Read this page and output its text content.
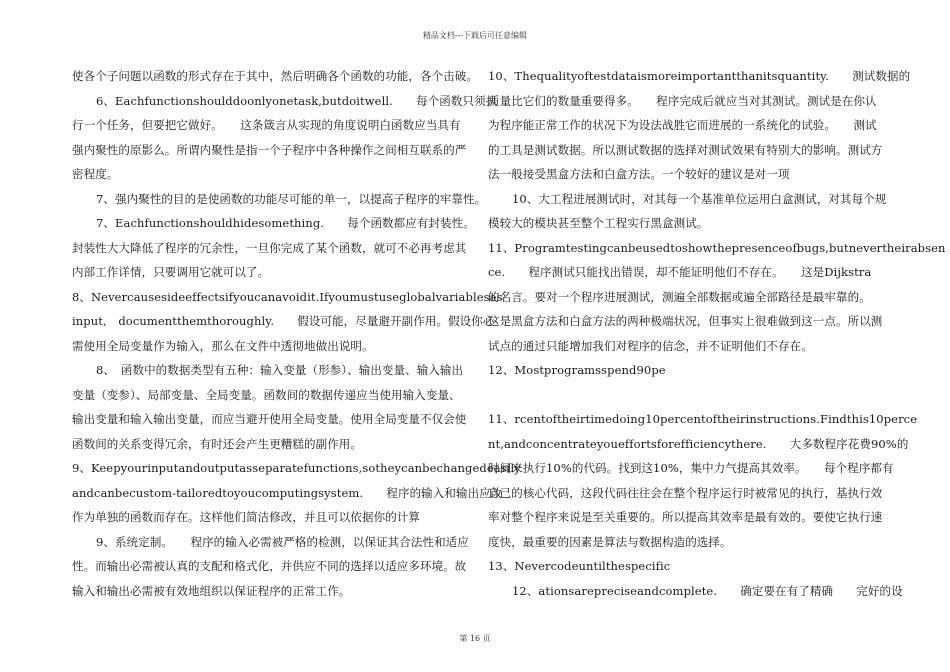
精品文档---下载后可任意编辑
使各个子问题以函数的形式存在于其中，然后明确各个函数的功能，各个击破。
6、Eachfunctionshoulddoonlyonetask,butdoitwell.　　每个函数只须执
行一个任务，但要把它做好。　　这条箴言从实现的角度说明白函数应当具有
强内聚性的原影么。所谓内聚性是指一个子程序中各种操作之间相互联系的严
密程度。
7、强内聚性的目的是使函数的功能尽可能的单一，以提高子程序的牢靠性。
7、Eachfunctionshouldhidesomething.　　每个函数都应有封装性。
封装性大大降低了程序的冗余性，一旦你完成了某个函数，就可不必再考虑其
内部工作详情，只要调用它就可以了。
8、Nevercausesideeffectsifyoucanavoidit.Ifyoumustuseglobalvariablesas
input,　documentthemthoroughly.　　假设可能，尽量避开副作用。假设你必
需使用全局变量作为输入，那么在文件中透彻地做出说明。
8、　函数中的数据类型有五种：输入变量（形参）、输出变量、输入输出
变量（变参）、局部变量、全局变量。函数间的数据传递应当使用输入变量、
输出变量和输入输出变量，而应当避开使用全局变量。使用全局变量不仅会使
函数间的关系变得冗余，有时还会产生更糟糕的副作用。
9、Keepyourinputandoutputasseparatefunctions,sotheycanbechangedeasily
andcanbecustom-tailoredtoyoucomputingsystem.　　程序的输入和输出应改
作为单独的函数而存在。这样他们简洁修改，并且可以依据你的计算
9、系统定制。　　程序的输入必需被严格的检测，以保证其合法性和适应
性。而输出必需被认真的支配和格式化，并供应不同的选择以适应多环境。故
输入和输出必需被有效地组织以保证程序的正常工作。
10、Thequalityoftestdataismoreimportantthanitsquantity.　　测试数据的
质量比它们的数量重要得多。　　程序完成后就应当对其测试。测试是在你认
为程序能正常工作的状况下为设法战胜它而进展的一系统化的试验。　　测试
的工具是测试数据。所以测试数据的选择对测试效果有特别大的影响。测试方
法一般接受黑盒方法和白盒方法。一个较好的建议是对一项
10、大工程进展测试时，对其每一个基准单位运用白盒测试，对其每个规
模较大的模块甚至整个工程实行黑盒测试。
11、Programtestingcanbeusedtoshowthepresenceofbugs,butnevertheirabsen
ce.　　程序测试只能找出错误，却不能证明他们不存在。　　这是Dijkstra
的名言。要对一个程序进展测试，测遍全部数据或遍全部路径是最牢靠的。
这是黑盒方法和白盒方法的两种极端状况，但事实上很难做到这一点。所以测
试点的通过只能增加我们对程序的信念，并不证明他们不存在。
12、Mostprogramsspend90pe
11、rcentoftheirtimedoing10percentoftheirinstructions.Findthis10perce
nt,andconcentrateyoueffortsforefficiencythere.　　大多数程序花费90%的
时间来执行10%的代码。找到这10%，集中力气提高其效率。　　每个程序都有
自己的核心代码，这段代码往往会在整个程序运行时被常见的执行，基执行效
率对整个程序来说是至关重要的。所以提高其效率是最有效的。要使它执行速
度快，最重要的因素是算法与数据构造的选择。
13、Nevercodeuntilthespecific
12、ationsarepreciseandcomplete.　　确定要在有了精确　　完好的设
第 16 页
